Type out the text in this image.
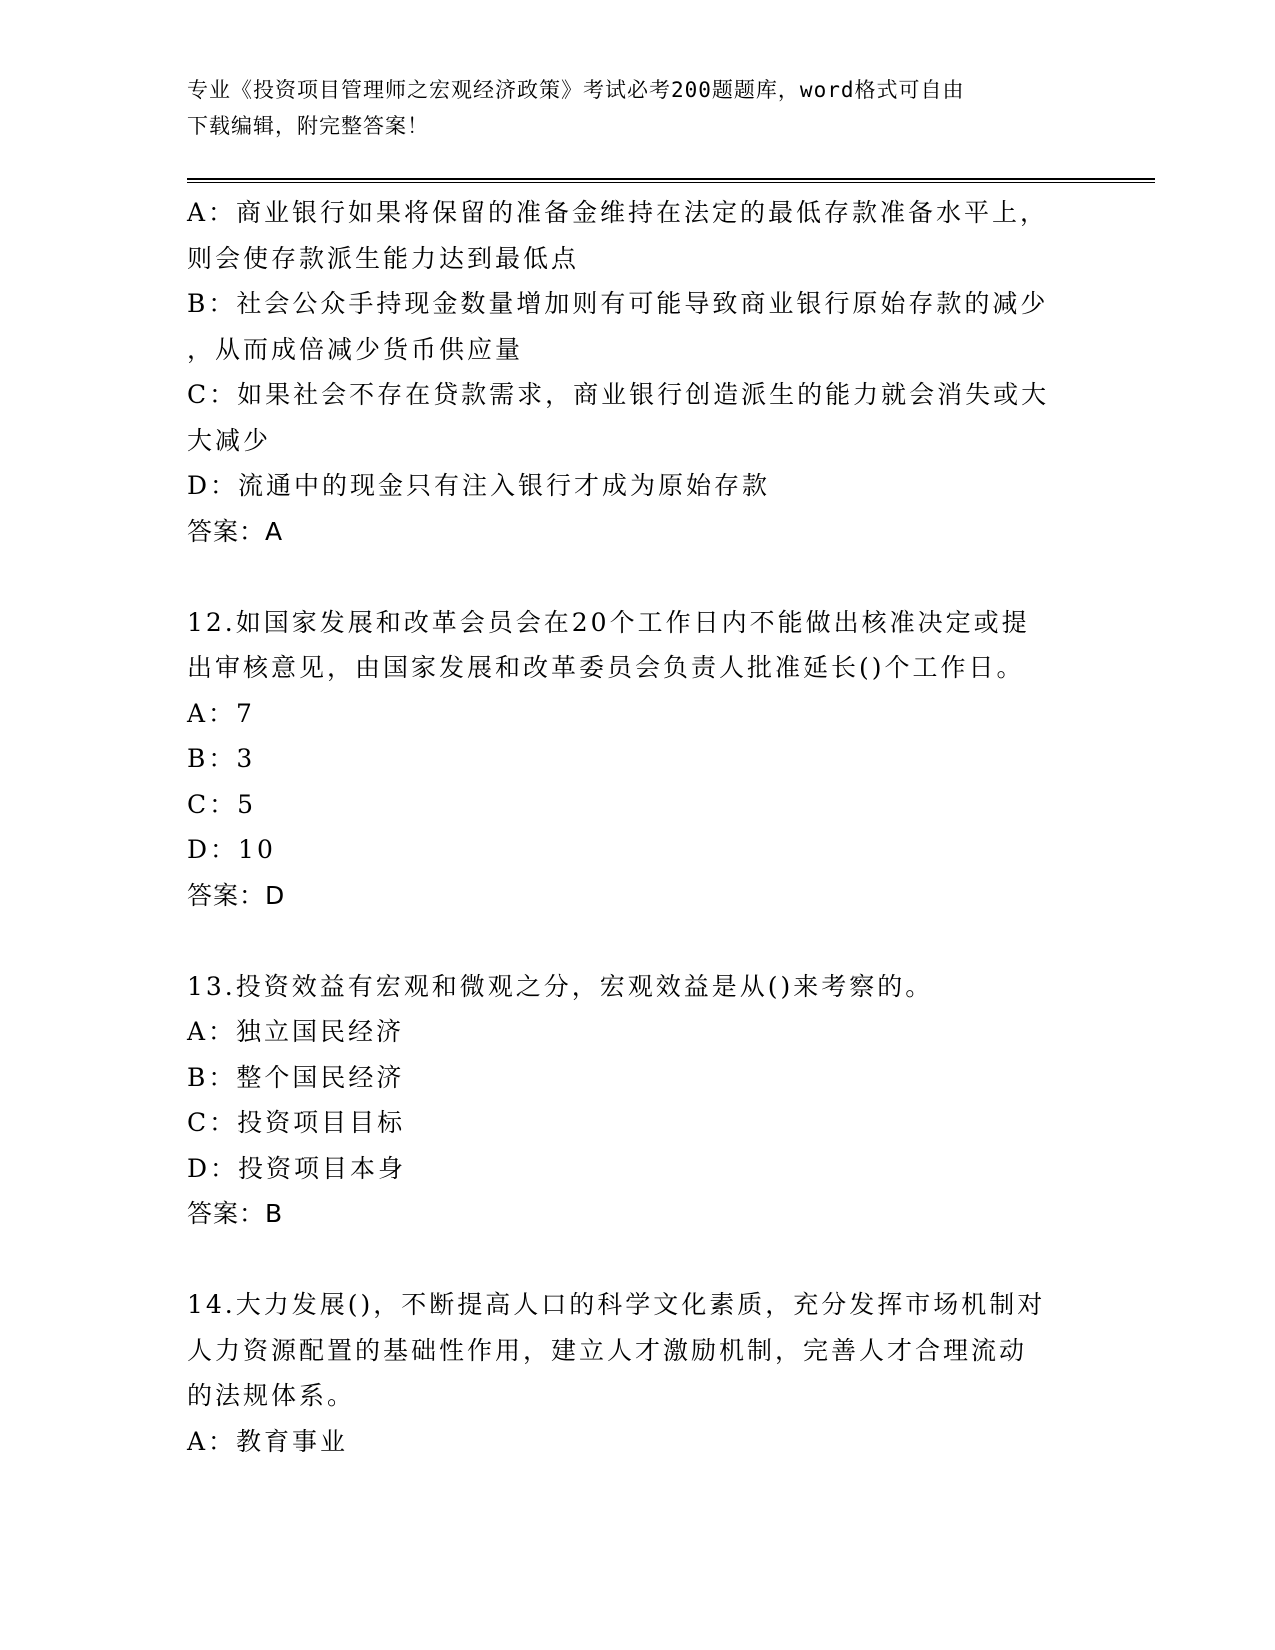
专业《投资项目管理师之宏观经济政策》考试必考200题题库，word格式可自由
下载编辑，附完整答案！
A：商业银行如果将保留的准备金维持在法定的最低存款准备水平上，
则会使存款派生能力达到最低点
B：社会公众手持现金数量增加则有可能导致商业银行原始存款的减少
，从而成倍减少货币供应量
C：如果社会不存在贷款需求，商业银行创造派生的能力就会消失或大
大减少
D：流通中的现金只有注入银行才成为原始存款
答案：A
12.如国家发展和改革会员会在20个工作日内不能做出核准决定或提
出审核意见，由国家发展和改革委员会负责人批准延长()个工作日。
A：7
B：3
C：5
D：10
答案：D
13.投资效益有宏观和微观之分，宏观效益是从()来考察的。
A：独立国民经济
B：整个国民经济
C：投资项目目标
D：投资项目本身
答案：B
14.大力发展()，不断提高人口的科学文化素质，充分发挥市场机制对
人力资源配置的基础性作用，建立人才激励机制，完善人才合理流动
的法规体系。
A：教育事业
